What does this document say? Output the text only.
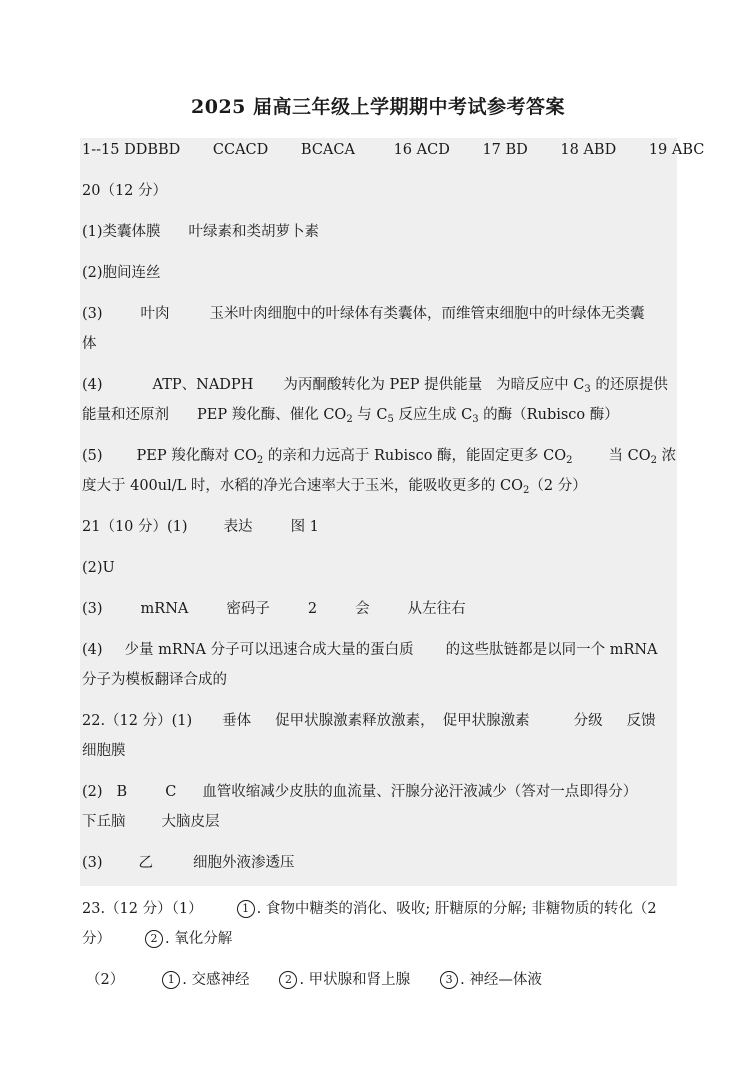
2025 届高三年级上学期期中考试参考答案
1--15 DDBBD CCACD BCACA	16 ACD 17 BD 18 ABD 19 ABC
20（12 分）
(1)类囊体膜 叶绿素和类胡萝卜素
(2)胞间连丝
(3)	叶肉	玉米叶肉细胞中的叶绿体有类囊体，而维管束细胞中的叶绿体无类囊
体
(4)	ATP、NADPH 为丙酮酸转化为 PEP 提供能量 为暗反应中 $C_3$ 的还原提供
能量和还原剂 PEP 羧化酶、催化 $CO_2$ 与 $C_5$ 反应生成 $C_3$ 的酶（Rubisco 酶）
(5) PEP 羧化酶对 $CO_2$ 的亲和力远高于 Rubisco 酶，能固定更多 $CO_2$ 当 $CO_2$ 浓
度大于 400ul/L 时，水稻的净光合速率大于玉米，能吸收更多的 $CO_2(2$ 分）
21（10 分）(1) 表达	图 1
(2)U
(3)	mRNA	密码子	2	会	从左往右
(4) 少量 mRNA 分子可以迅速合成大量的蛋白质 的这些肽链都是以同一个 mRNA
分子为模板翻译合成的
22.（12 分）(1) 垂体 促甲状腺激素释放激素， 促甲状腺激素	分级 反馈
细胞膜
(2) B	C 血管收缩减少皮肤的血流量、汗腺分泌汗液减少（答对一点即得分）
下丘脑 大脑皮层
(3) 乙	细胞外液渗透压
23.（12 分）（1）	1 . 食物中糖类的消化、吸收; 肝糖原的分解; 非糖物质的转化（2
分）	2 . 氧化分解
（2）	1 . 交感神经	2 . 甲状腺和肾上腺	3 . 神经—体液
